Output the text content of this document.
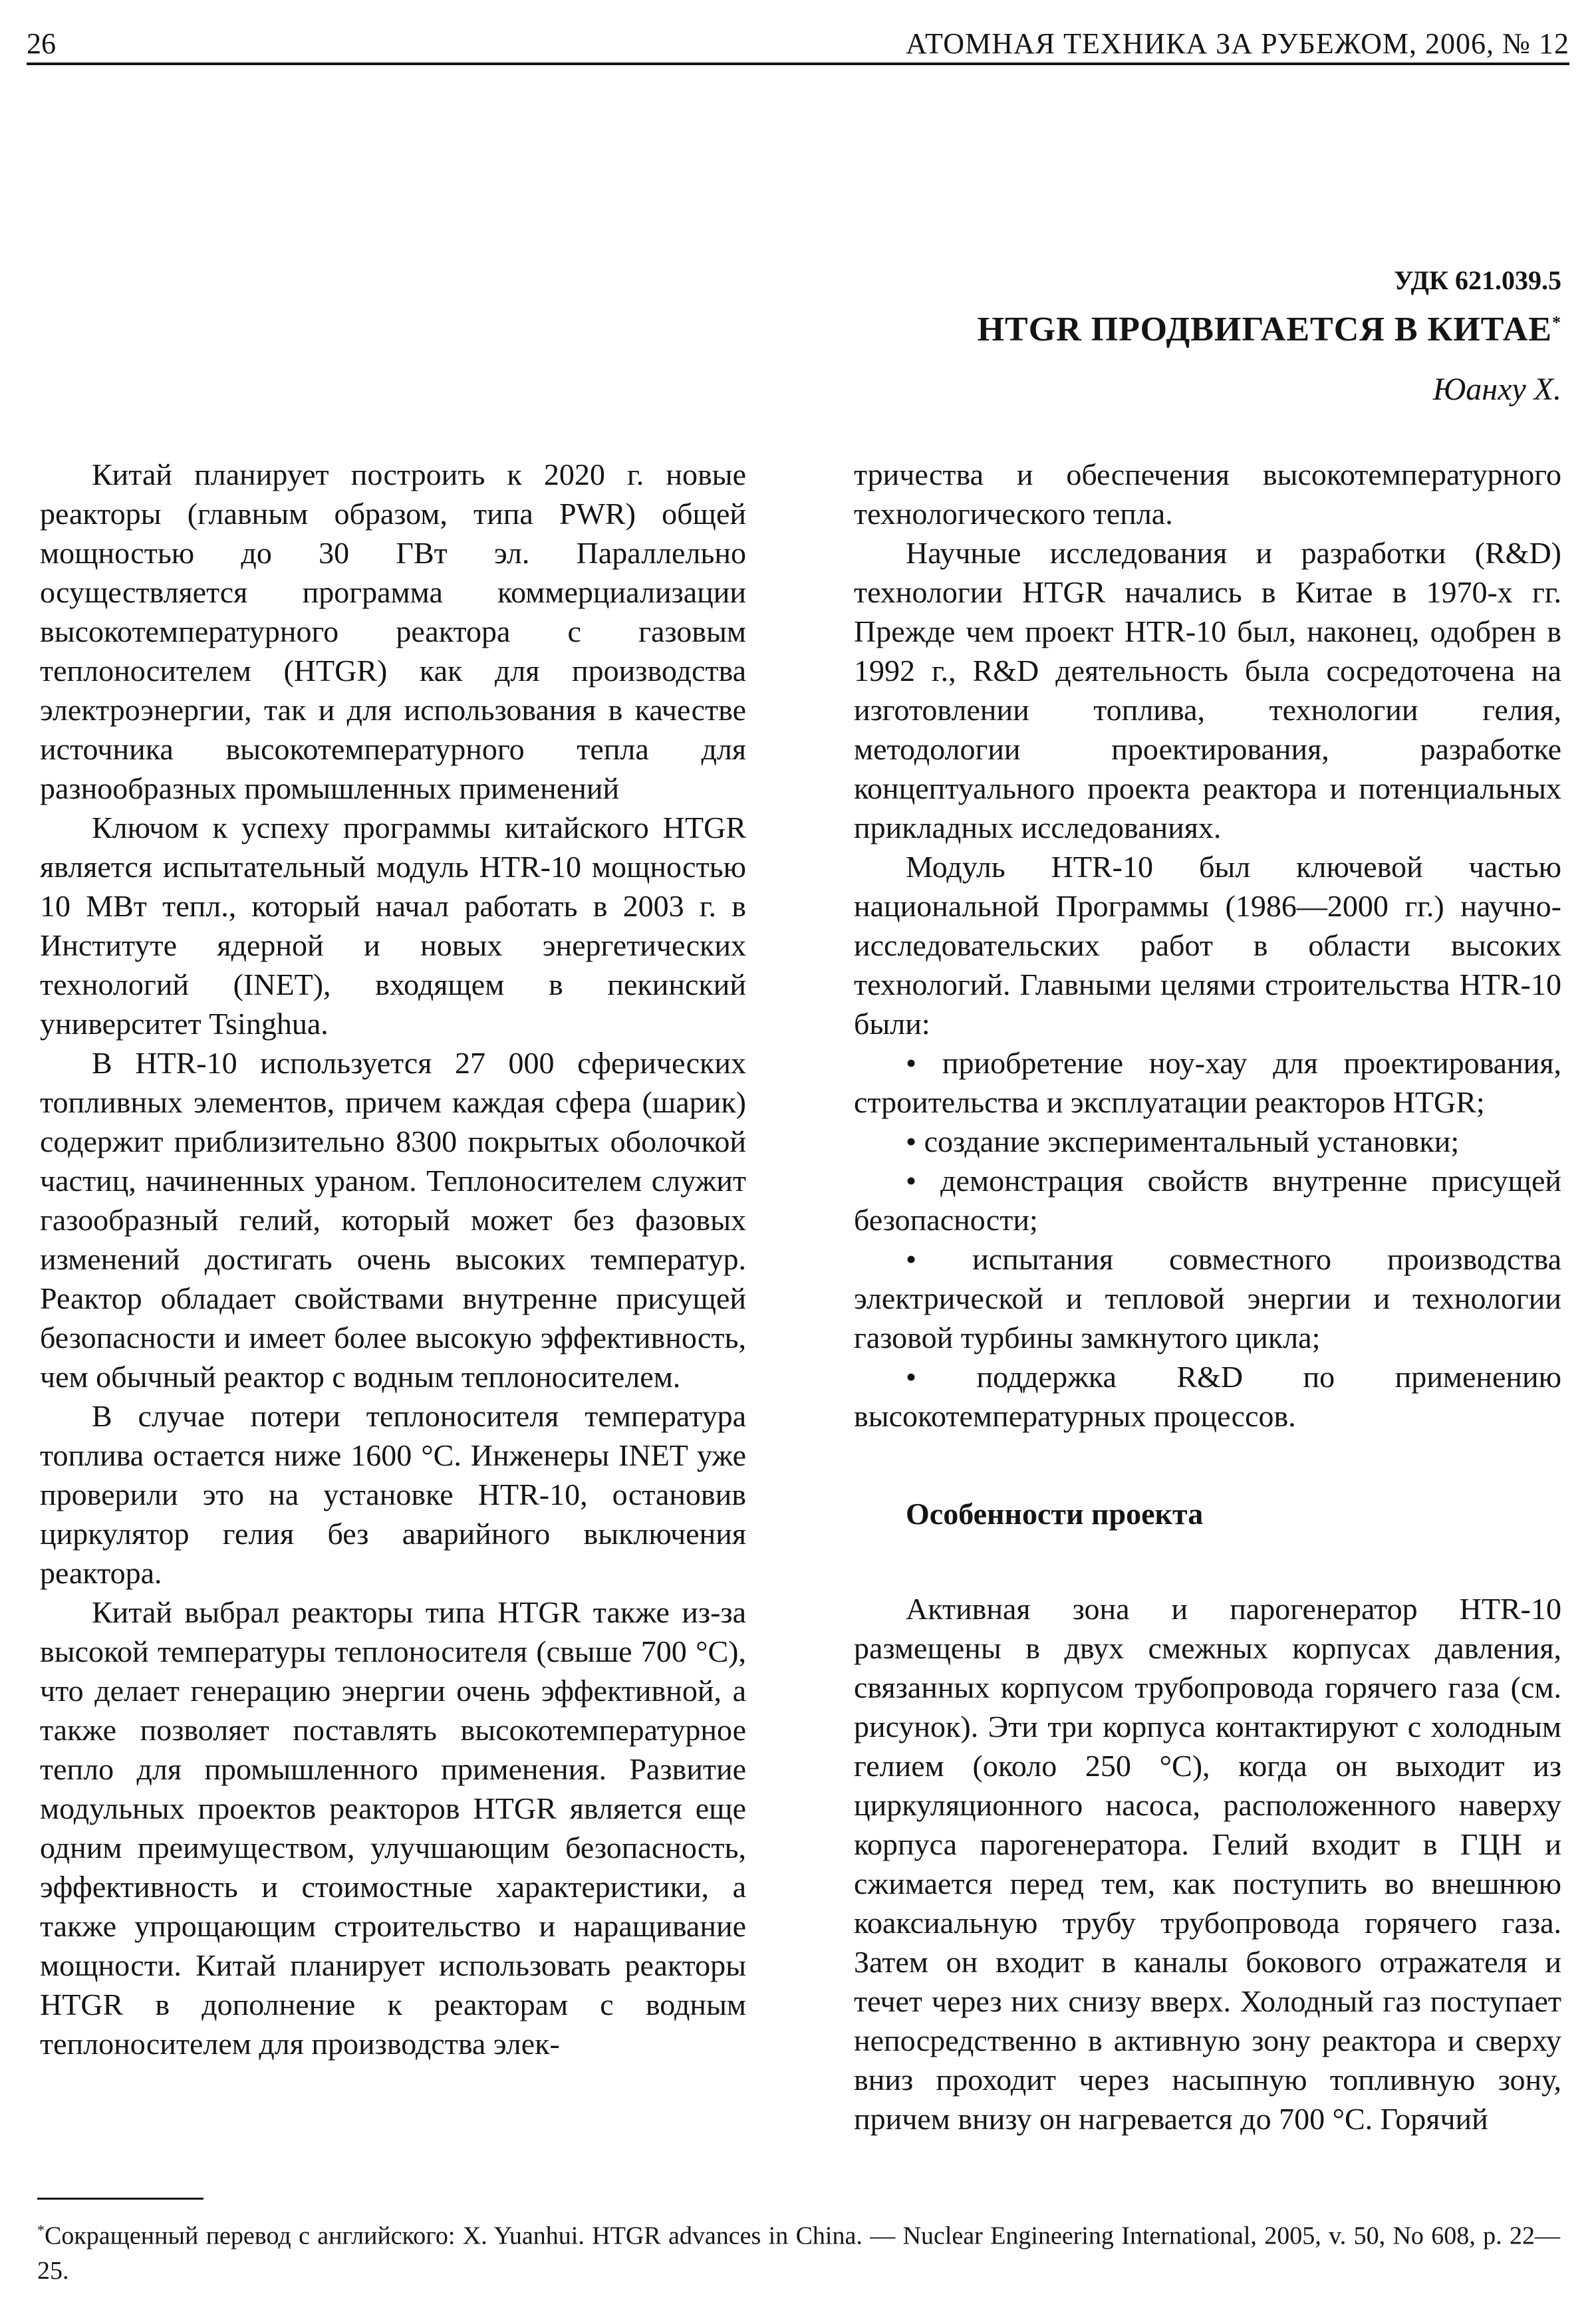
26	АТОМНАЯ ТЕХНИКА ЗА РУБЕЖОМ, 2006, № 12
УДК 621.039.5
HTGR ПРОДВИГАЕТСЯ В КИТАЕ*
Юанху Х.

Китай планирует построить к 2020 г. новые реакторы (главным образом, типа PWR) общей мощностью до 30 ГВт эл. Параллельно осуществляется программа коммерциализации высокотемпературного реактора с газовым теплоносителем (HTGR) как для производства электроэнергии, так и для использования в качестве источника высокотемпературного тепла для разнообразных промышленных применений

Ключом к успеху программы китайского HTGR является испытательный модуль HTR-10 мощностью 10 МВт тепл., который начал работать в 2003 г. в Институте ядерной и новых энергетических технологий (INET), входящем в пекинский университет Tsinghua.

В HTR-10 используется 27 000 сферических топливных элементов, причем каждая сфера (шарик) содержит приблизительно 8300 покрытых оболочкой частиц, начиненных ураном. Теплоносителем служит газообразный гелий, который может без фазовых изменений достигать очень высоких температур. Реактор обладает свойствами внутренне присущей безопасности и имеет более высокую эффективность, чем обычный реактор с водным теплоносителем.

В случае потери теплоносителя температура топлива остается ниже 1600 °С. Инженеры INET уже проверили это на установке HTR-10, остановив циркулятор гелия без аварийного выключения реактора.

Китай выбрал реакторы типа HTGR также из-за высокой температуры теплоносителя (свыше 700 °С), что делает генерацию энергии очень эффективной, а также позволяет поставлять высокотемпературное тепло для промышленного применения. Развитие модульных проектов реакторов HTGR является еще одним преимуществом, улучшающим безопасность, эффективность и стоимостные характеристики, а также упрощающим строительство и наращивание мощности. Китай планирует использовать реакторы HTGR в дополнение к реакторам с водным теплоносителем для производства элек-

тричества и обеспечения высокотемпературного технологического тепла.

Научные исследования и разработки (R&D) технологии HTGR начались в Китае в 1970-х гг. Прежде чем проект HTR-10 был, наконец, одобрен в 1992 г., R&D деятельность была сосредоточена на изготовлении топлива, технологии гелия, методологии проектирования, разработке концептуального проекта реактора и потенциальных прикладных исследованиях.

Модуль HTR-10 был ключевой частью национальной Программы (1986—2000 гг.) научно-исследовательских работ в области высоких технологий. Главными целями строительства HTR-10 были:

• приобретение ноу-хау для проектирования, строительства и эксплуатации реакторов HTGR;

• создание экспериментальный установки;

• демонстрация свойств внутренне присущей безопасности;

• испытания совместного производства электрической и тепловой энергии и технологии газовой турбины замкнутого цикла;

• поддержка R&D по применению высокотемпературных процессов.

Особенности проекта

Активная зона и парогенератор HTR-10 размещены в двух смежных корпусах давления, связанных корпусом трубопровода горячего газа (см. рисунок). Эти три корпуса контактируют с холодным гелием (около 250 °С), когда он выходит из циркуляционного насоса, расположенного наверху корпуса парогенератора. Гелий входит в ГЦН и сжимается перед тем, как поступить во внешнюю коаксиальную трубу трубопровода горячего газа. Затем он входит в каналы бокового отражателя и течет через них снизу вверх. Холодный газ поступает непосредственно в активную зону реактора и сверху вниз проходит через насыпную топливную зону, причем внизу он нагревается до 700 °С. Горячий

*Сокращенный перевод с английского: X. Yuanhui. HTGR advances in China. — Nuclear Engineering International, 2005, v. 50, No 608, p. 22—25.
